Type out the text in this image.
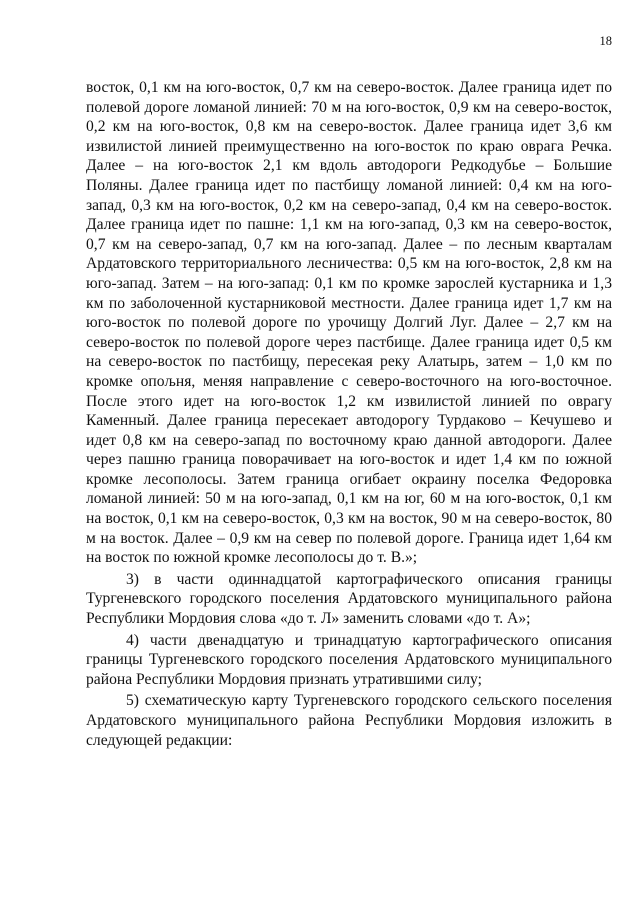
18

восток, 0,1 км на юго-восток, 0,7 км на северо-восток. Далее граница идет по полевой дороге ломаной линией: 70 м на юго-восток, 0,9 км на северо-восток, 0,2 км на юго-восток, 0,8 км на северо-восток. Далее граница идет 3,6 км извилистой линией преимущественно на юго-восток по краю оврага Речка. Далее – на юго-восток 2,1 км вдоль автодороги Редкодубье – Большие Поляны. Далее граница идет по пастбищу ломаной линией: 0,4 км на юго-запад, 0,3 км на юго-восток, 0,2 км на северо-запад, 0,4 км на северо-восток. Далее граница идет по пашне: 1,1 км на юго-запад, 0,3 км на северо-восток, 0,7 км на северо-запад, 0,7 км на юго-запад. Далее – по лесным кварталам Ардатовского территориального лесничества: 0,5 км на юго-восток, 2,8 км на юго-запад. Затем – на юго-запад: 0,1 км по кромке зарослей кустарника и 1,3 км по заболоченной кустарниковой местности. Далее граница идет 1,7 км на юго-восток по полевой дороге по урочищу Долгий Луг. Далее – 2,7 км на северо-восток по полевой дороге через пастбище. Далее граница идет 0,5 км на северо-восток по пастбищу, пересекая реку Алатырь, затем – 1,0 км по кромке опољня, меняя направление с северо-восточного на юго-восточное. После этого идет на юго-восток 1,2 км извилистой линией по оврагу Каменный. Далее граница пересекает автодорогу Турдаково – Кечушево и идет 0,8 км на северо-запад по восточному краю данной автодороги. Далее через пашню граница поворачивает на юго-восток и идет 1,4 км по южной кромке лесополосы. Затем граница огибает окраину поселка Федоровка ломаной линией: 50 м на юго-запад, 0,1 км на юг, 60 м на юго-восток, 0,1 км на восток, 0,1 км на северо-восток, 0,3 км на восток, 90 м на северо-восток, 80 м на восток. Далее – 0,9 км на север по полевой дороге. Граница идет 1,64 км на восток по южной кромке лесополосы до т. В.»;

3) в части одиннадцатой картографического описания границы Тургеневского городского поселения Ардатовского муниципального района Республики Мордовия слова «до т. Л» заменить словами «до т. А»;

4) части двенадцатую и тринадцатую картографического описания границы Тургеневского городского поселения Ардатовского муниципального района Республики Мордовия признать утратившими силу;

5) схематическую карту Тургеневского городского сельского поселения Ардатовского муниципального района Республики Мордовия изложить в следующей редакции:
